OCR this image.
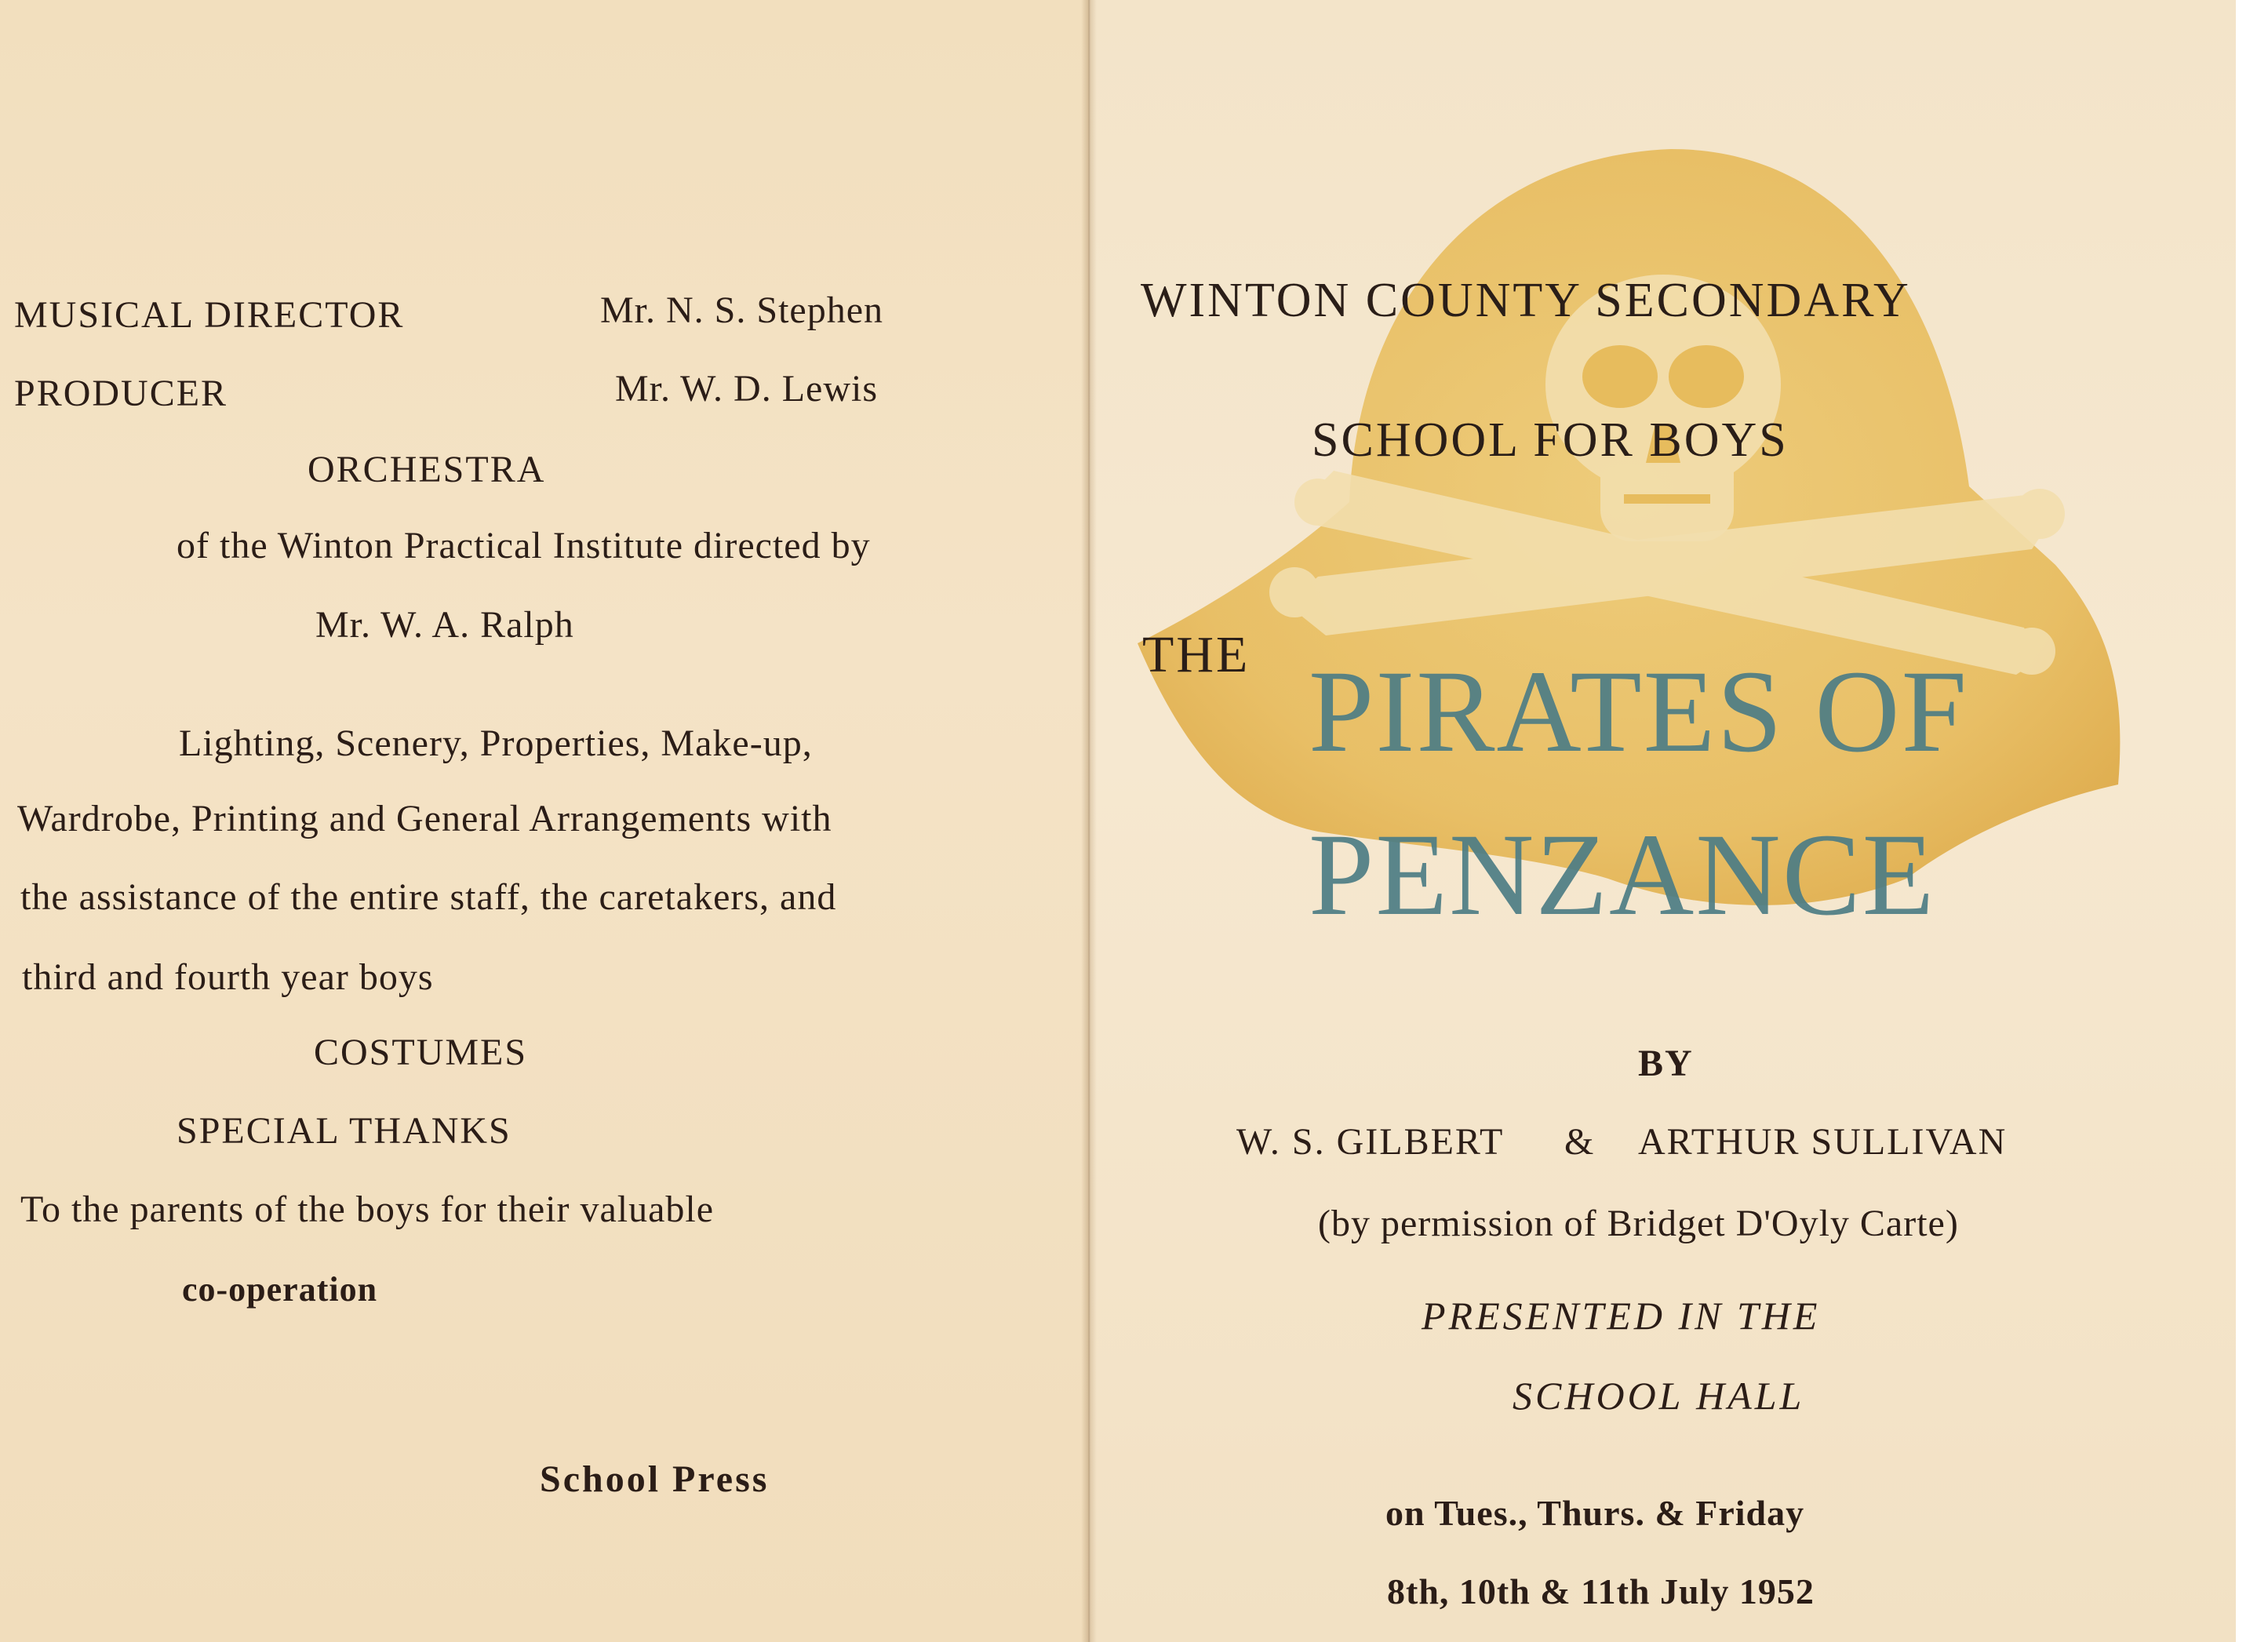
MUSICAL DIRECTOR	Mr. N. S. Stephen
PRODUCER	Mr. W. D. Lewis
ORCHESTRA
of the Winton Practical Institute directed by
Mr. W. A. Ralph
Lighting, Scenery, Properties, Make-up,
Wardrobe, Printing and General Arrangements with
the assistance of the entire staff, the caretakers, and
third and fourth year boys
COSTUMES
SPECIAL THANKS
To the parents of the boys for their valuable
co-operation
School Press
WINTON COUNTY SECONDARY
SCHOOL FOR BOYS
THE PIRATES OF
PENZANCE
BY
W. S. GILBERT & ARTHUR SULLIVAN
(by permission of Bridget D'Oyly Carte)
PRESENTED IN THE
SCHOOL HALL
on Tues., Thurs. & Friday
8th, 10th & 11th July 1952
